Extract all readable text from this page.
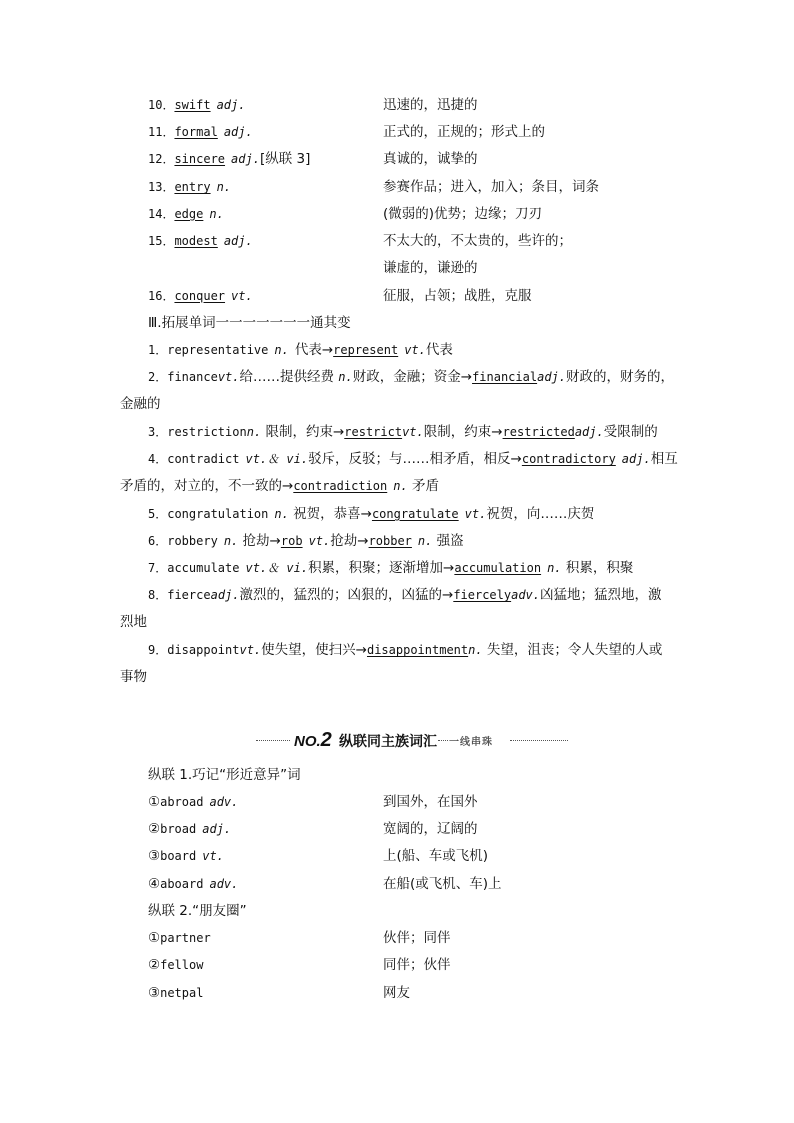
10．swift adj.	迅速的，迅捷的
11．formal adj.	正式的，正规的；形式上的
12．sincere adj.[纵联 3]	真诚的，诚挚的
13．entry n.	参赛作品；进入，加入；条目，词条
14．edge n.	(微弱的)优势；边缘；刀刃
15．modest adj.	不太大的，不太贵的，些许的；
谦虚的，谦逊的
16．conquer vt.	征服，占领；战胜，克服
Ⅲ.拓展单词一一一一一一一通其变
1．representative n. 代表→represent vt.代表
2．financevt.给……提供经费 n.财政，金融；资金→financialadj.财政的，财务的，
金融的
3．restrictionn. 限制，约束→restrictvt.限制，约束→restrictedadj.受限制的
4．contradict vt.＆ vi.驳斥，反驳；与……相矛盾，相反→contradictory adj.相互
矛盾的，对立的，不一致的→contradiction n. 矛盾
5．congratulation n. 祝贺，恭喜→congratulate vt.祝贺，向……庆贺
6．robbery n. 抢劫→rob vt.抢劫→robber n. 强盗
7．accumulate vt.＆ vi.积累，积聚；逐渐增加→accumulation n. 积累，积聚
8．fierceadj.激烈的，猛烈的；凶狠的，凶猛的→fiercelyadv.凶猛地；猛烈地，激
烈地
9．disappointvt.使失望，使扫兴→disappointmentn. 失望，沮丧；令人失望的人或
事物
NO.2 纵联同主族词汇 一线串珠
纵联 1.巧记“形近意异”词
①abroad adv.	到国外，在国外
②broad adj.	宽阔的，辽阔的
③board vt.	上(船、车或飞机)
④aboard adv.	在船(或飞机、车)上
纵联 2.“朋友圈”
①partner	伙伴；同伴
②fellow	同伴；伙伴
③netpal	网友
